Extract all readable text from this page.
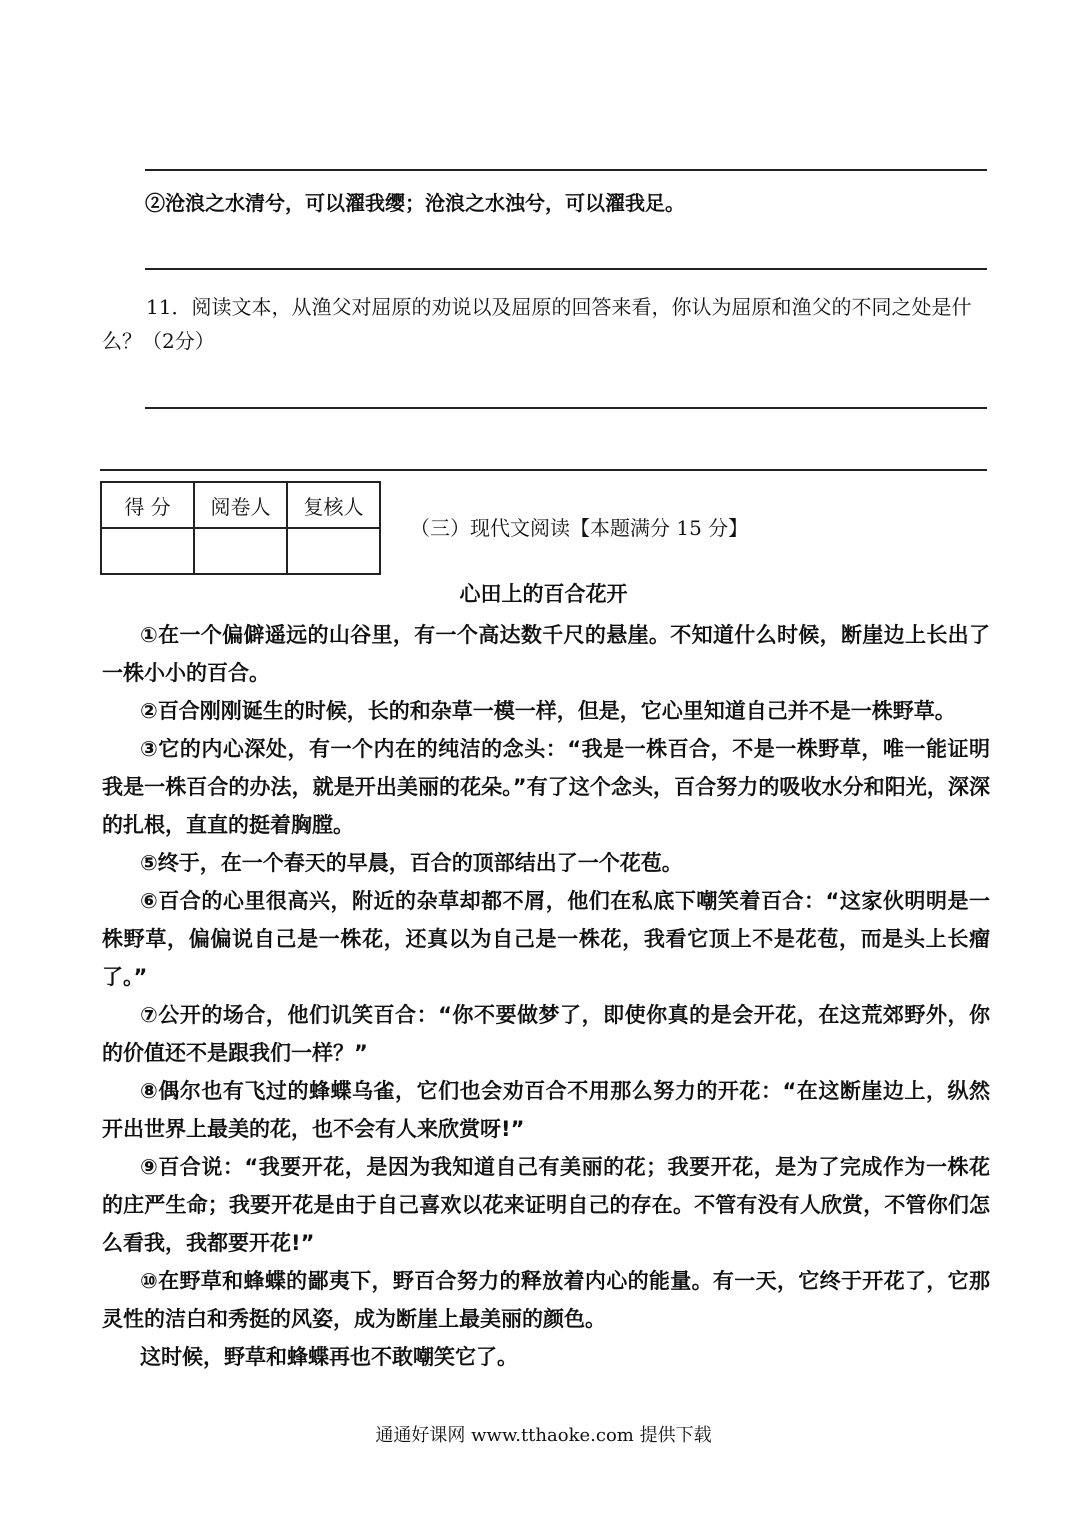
②沧浪之水清兮，可以濯我缨；沧浪之水浊兮，可以濯我足。
11．阅读文本，从渔父对屈原的劝说以及屈原的回答来看，你认为屈原和渔父的不同之处是什么？（2分）
得 分	阅卷人	复核人

（三）现代文阅读【本题满分 15 分】
心田上的百合花开

①在一个偏僻遥远的山谷里，有一个高达数千尺的悬崖。不知道什么时候，断崖边上长出了一株小小的百合。

②百合刚刚诞生的时候，长的和杂草一模一样，但是，它心里知道自己并不是一株野草。

③它的内心深处，有一个内在的纯洁的念头：“我是一株百合，不是一株野草，唯一能证明我是一株百合的办法，就是开出美丽的花朵。”有了这个念头，百合努力的吸收水分和阳光，深深的扎根，直直的挺着胸膛。

⑤终于，在一个春天的早晨，百合的顶部结出了一个花苞。

⑥百合的心里很高兴，附近的杂草却都不屑，他们在私底下嘲笑着百合：“这家伙明明是一株野草，偏偏说自己是一株花，还真以为自己是一株花，我看它顶上不是花苞，而是头上长瘤了。”

⑦公开的场合，他们讥笑百合：“你不要做梦了，即使你真的是会开花，在这荒郊野外，你的价值还不是跟我们一样？”

⑧偶尔也有飞过的蜂蝶乌雀，它们也会劝百合不用那么努力的开花：“在这断崖边上，纵然开出世界上最美的花，也不会有人来欣赏呀!”

⑨百合说：“我要开花，是因为我知道自己有美丽的花；我要开花，是为了完成作为一株花的庄严生命；我要开花是由于自己喜欢以花来证明自己的存在。不管有没有人欣赏，不管你们怎么看我，我都要开花!”

⑩在野草和蜂蝶的鄙夷下，野百合努力的释放着内心的能量。有一天，它终于开花了，它那灵性的洁白和秀挺的风姿，成为断崖上最美丽的颜色。

这时候，野草和蜂蝶再也不敢嘲笑它了。

通通好课网 www.tthaoke.com 提供下载
